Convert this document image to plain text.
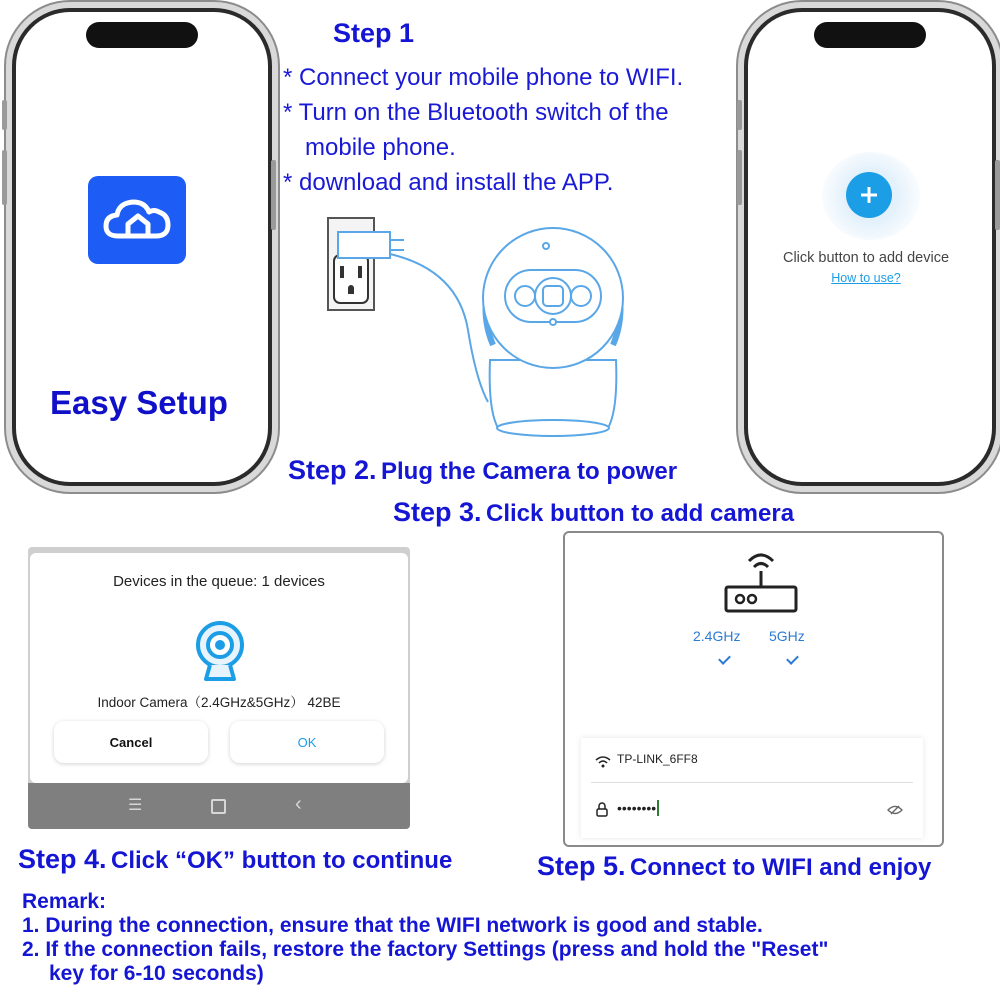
Easy Setup
Step 1
* Connect your mobile phone to WIFI.
* Turn on the Bluetooth switch of the
mobile phone.
* download and install the APP.
Step 2. Plug the Camera to power
Click button to add device
How to use?
Step 3. Click button to add camera
Devices in the queue: 1 devices
Indoor Camera（2.4GHz&5GHz） 42BE
Cancel	OK
☰	‹
Step 4. Click “OK” button to continue
2.4GHz 5GHz
TP-LINK_6FF8
••••••••
Step 5. Connect to WIFI and enjoy
Remark:
1. During the connection, ensure that the WIFI network is good and stable.
2. If the connection fails, restore the factory Settings (press and hold the "Reset"
key for 6-10 seconds)
